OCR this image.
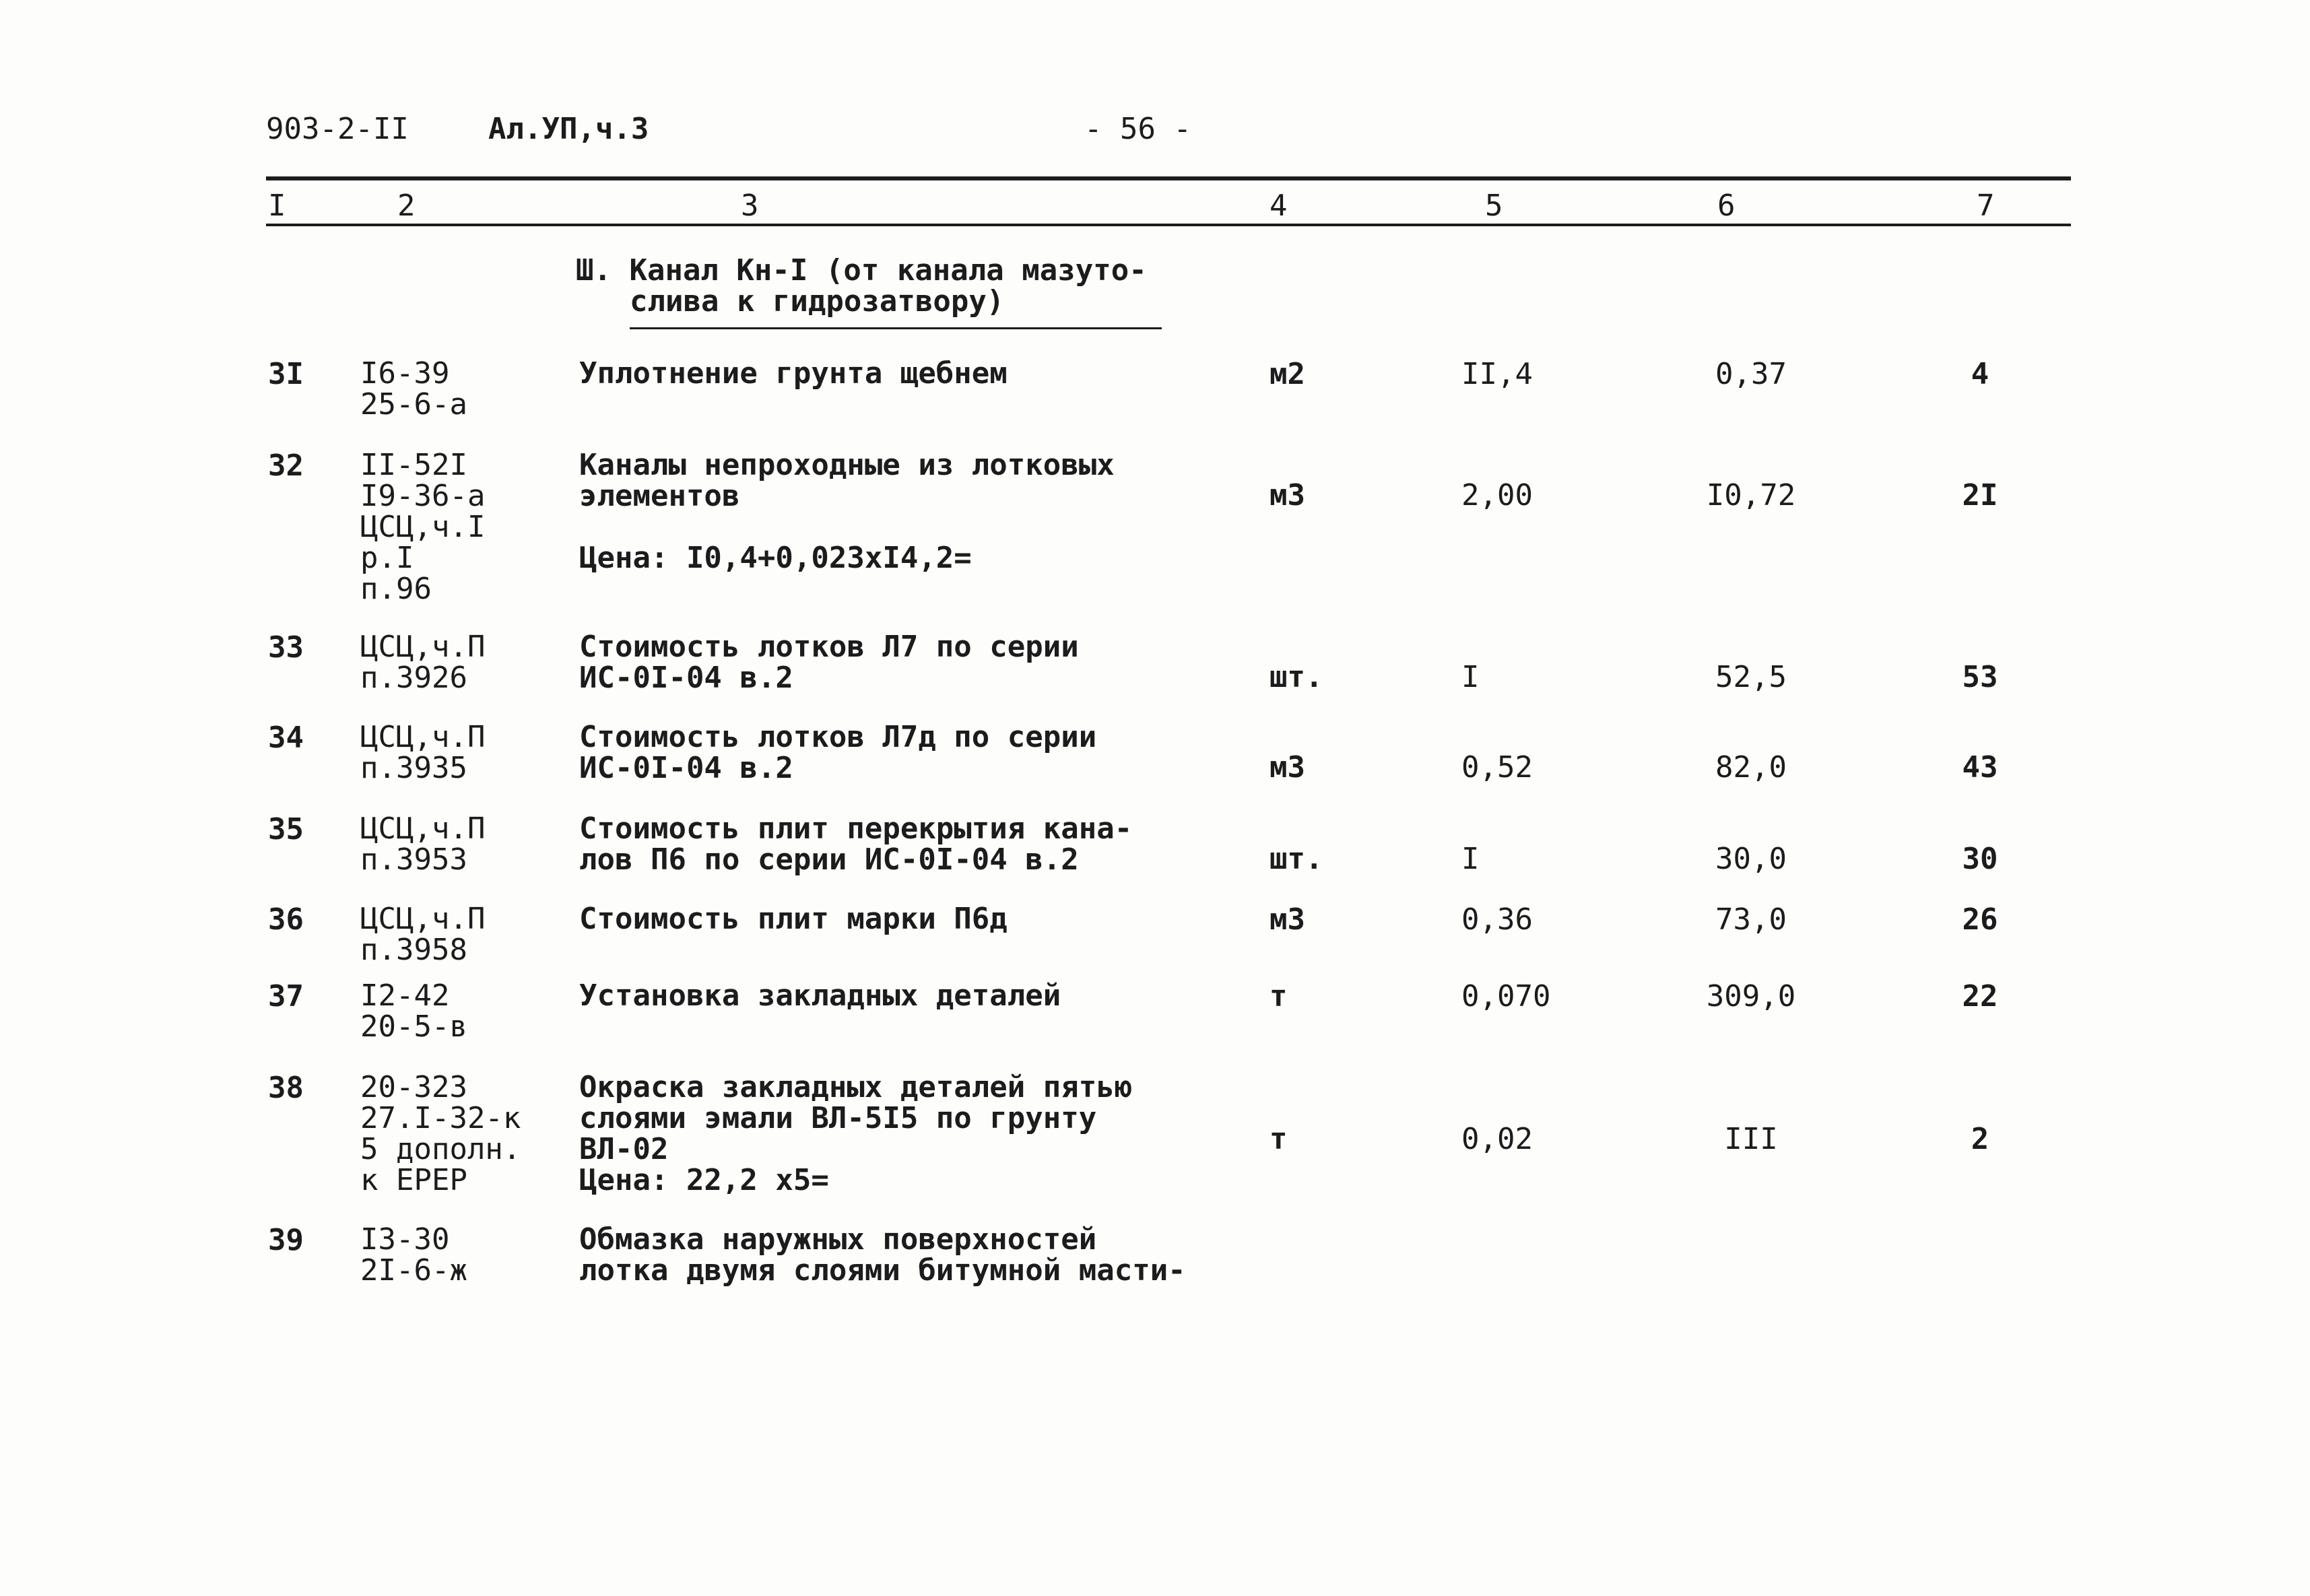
903-2-II	Ал.УП,ч.3	- 56 -
I	2	3	4	5	6	7
Ш. Канал Кн-I (от канала мазуто-
слива к гидрозатвору)
3I I6-39
25-6-а
Уплотнение грунта щебнем	м2	II,4	0,37	4
32 II-52I
I9-36-а
ЦСЦ,ч.I
р.I
п.96
Каналы непроходные из лотковых
элементов

Цена: I0,4+0,023хI4,2=
м3	2,00	I0,72	2I
33 ЦСЦ,ч.П
п.3926
Стоимость лотков Л7 по серии
ИС-0I-04 в.2	шт.	I	52,5	53
34 ЦСЦ,ч.П
п.3935
Стоимость лотков Л7д по серии
ИС-0I-04 в.2	м3	0,52	82,0	43
35 ЦСЦ,ч.П
п.3953
Стоимость плит перекрытия кана-
лов П6 по серии ИС-0I-04 в.2	шт.	I	30,0	30
36 ЦСЦ,ч.П
п.3958
Стоимость плит марки П6д	м3	0,36	73,0	26
37 I2-42
20-5-в
Установка закладных деталей	т	0,070	309,0	22
38 20-323
27.I-32-к
5 дополн.
к ЕРЕР
Окраска закладных деталей пятью
слоями эмали ВЛ-5I5 по грунту
ВЛ-02
Цена: 22,2 х5=
т	0,02	III	2
39 I3-30
2I-6-ж
Обмазка наружных поверхностей
лотка двумя слоями битумной масти-
